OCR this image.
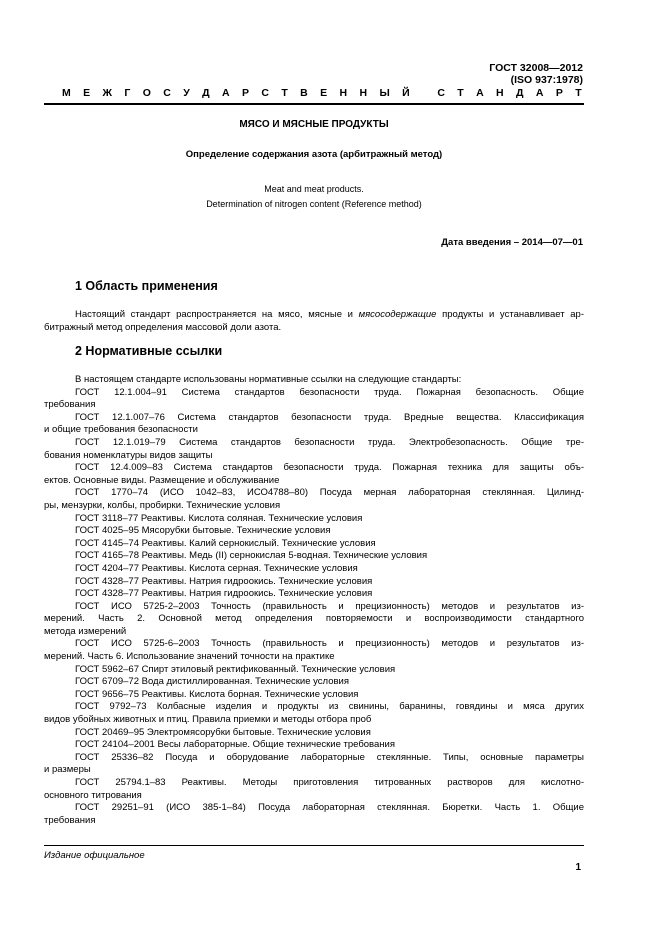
ГОСТ 32008—2012
(ISO 937:1978)
М Е Ж Г О С У Д А Р С Т В Е Н Н Ы Й
	С Т А Н Д А Р Т
МЯСО И МЯСНЫЕ ПРОДУКТЫ
Определение содержания азота (арбитражный метод)
Meat and meat products.
Determination of nitrogen content (Reference method)
Дата введения – 2014—07—01
1 Область применения
Настоящий стандарт распространяется на мясо, мясные и мясосодержащие продукты и устанавливает ар-
битражный метод определения массовой доли азота.
2 Нормативные ссылки
В настоящем стандарте использованы нормативные ссылки на следующие стандарты:
ГОСТ 12.1.004–91 Система стандартов безопасности труда. Пожарная безопасность. Общие
требования
ГОСТ 12.1.007–76 Система стандартов безопасности труда. Вредные вещества. Классификация
и общие требования безопасности
ГОСТ 12.1.019–79 Система стандартов безопасности труда. Электробезопасность. Общие тре-
бования номенклатуры видов защиты
ГОСТ 12.4.009–83 Система стандартов безопасности труда. Пожарная техника для защиты объ-
ектов. Основные виды. Размещение и обслуживание
ГОСТ 1770–74 (ИСО 1042–83, ИСО4788–80) Посуда мерная лабораторная стеклянная. Цилинд-
ры, мензурки, колбы, пробирки. Технические условия
ГОСТ 3118–77 Реактивы. Кислота соляная. Технические условия
ГОСТ 4025–95 Мясорубки бытовые. Технические условия
ГОСТ 4145–74 Реактивы. Калий сернокислый. Технические условия
ГОСТ 4165–78 Реактивы. Медь (II) сернокислая 5-водная. Технические условия
ГОСТ 4204–77 Реактивы. Кислота серная. Технические условия
ГОСТ 4328–77 Реактивы. Натрия гидроокись. Технические условия
ГОСТ 4328–77 Реактивы. Натрия гидроокись. Технические условия
ГОСТ ИСО 5725-2–2003 Точность (правильность и прецизионность) методов и результатов из-
мерений. Часть 2. Основной метод определения повторяемости и воспроизводимости стандартного
метода измерений
ГОСТ ИСО 5725-6–2003 Точность (правильность и прецизионность) методов и результатов из-
мерений. Часть 6. Использование значений точности на практике
ГОСТ 5962–67 Спирт этиловый ректификованный. Технические условия
ГОСТ 6709–72 Вода дистиллированная. Технические условия
ГОСТ 9656–75 Реактивы. Кислота борная. Технические условия
ГОСТ 9792–73 Колбасные изделия и продукты из свинины, баранины, говядины и мяса других
видов убойных животных и птиц. Правила приемки и методы отбора проб
ГОСТ 20469–95 Электромясорубки бытовые. Технические условия
ГОСТ 24104–2001 Весы лабораторные. Общие технические требования
ГОСТ 25336–82 Посуда и оборудование лабораторные стеклянные. Типы, основные параметры
и размеры
ГОСТ 25794.1–83 Реактивы. Методы приготовления титрованных растворов для кислотно-
основного титрования
ГОСТ 29251–91 (ИСО 385-1–84) Посуда лабораторная стеклянная. Бюретки. Часть 1. Общие
требования
Издание официальное
1
